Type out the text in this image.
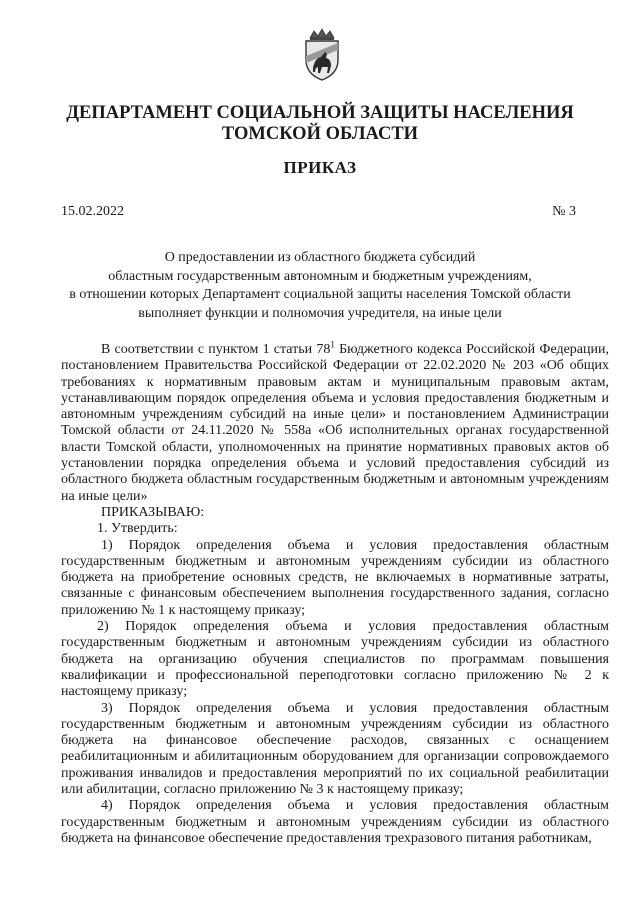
ДЕПАРТАМЕНТ СОЦИАЛЬНОЙ ЗАЩИТЫ НАСЕЛЕНИЯ
ТОМСКОЙ ОБЛАСТИ
ПРИКАЗ
15.02.2022	№ 3
О предоставлении из областного бюджета субсидий
областным государственным автономным и бюджетным учреждениям,
в отношении которых Департамент социальной защиты населения Томской области
выполняет функции и полномочия учредителя, на иные цели
В соответствии с пунктом 1 статьи $78^1$ Бюджетного кодекса Российской Федерации, постановлением Правительства Российской Федерации от 22.02.2020 № 203 «Об общих требованиях к нормативным правовым актам и муниципальным правовым актам, устанавливающим порядок определения объема и условия предоставления бюджетным и автономным учреждениям субсидий на иные цели» и постановлением Администрации Томской области от 24.11.2020 № 558а «Об исполнительных органах государственной власти Томской области, уполномоченных на принятие нормативных правовых актов об установлении порядка определения объема и условий предоставления субсидий из областного бюджета областным государственным бюджетным и автономным учреждениям на иные цели»
ПРИКАЗЫВАЮ:
1. Утвердить:
1) Порядок определения объема и условия предоставления областным государственным бюджетным и автономным учреждениям субсидии из областного бюджета на приобретение основных средств, не включаемых в нормативные затраты, связанные с финансовым обеспечением выполнения государственного задания, согласно приложению № 1 к настоящему приказу;
2) Порядок определения объема и условия предоставления областным государственным бюджетным и автономным учреждениям субсидии из областного бюджета на организацию обучения специалистов по программам повышения квалификации и профессиональной переподготовки согласно приложению № 2 к настоящему приказу;
3) Порядок определения объема и условия предоставления областным государственным бюджетным и автономным учреждениям субсидии из областного бюджета на финансовое обеспечение расходов, связанных с оснащением реабилитационным и абилитационным оборудованием для организации сопровождаемого проживания инвалидов и предоставления мероприятий по их социальной реабилитации или абилитации, согласно приложению № 3 к настоящему приказу;
4) Порядок определения объема и условия предоставления областным государственным бюджетным и автономным учреждениям субсидии из областного бюджета на финансовое обеспечение предоставления трехразового питания работникам,
